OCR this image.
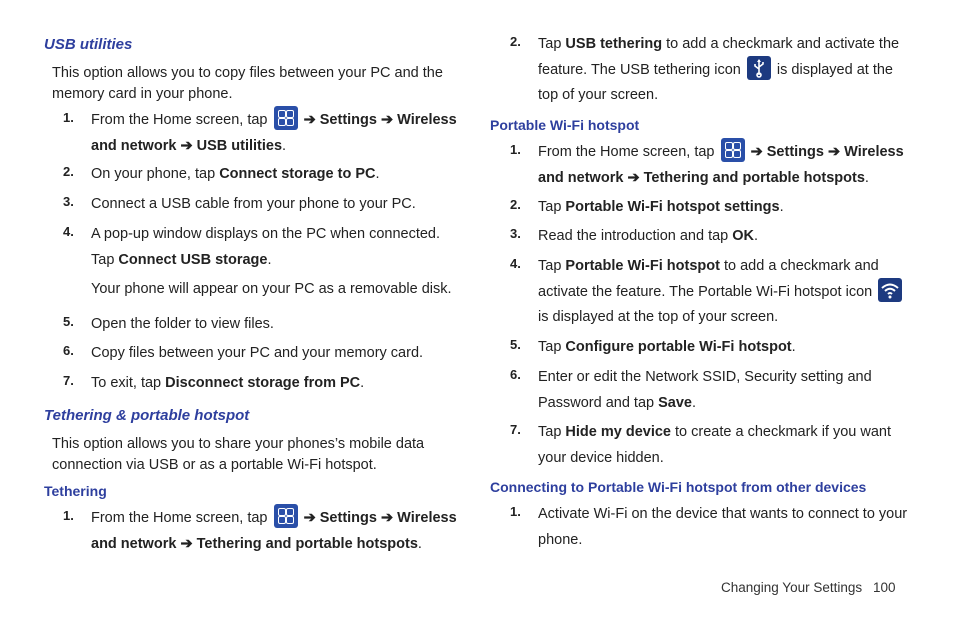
USB utilities
This option allows you to copy files between your PC and the memory card in your phone.
1. From the Home screen, tap ➔ Settings ➔ Wireless and network ➔ USB utilities.
2. On your phone, tap Connect storage to PC.
3. Connect a USB cable from your phone to your PC.
4. A pop-up window displays on the PC when connected. Tap Connect USB storage.
Your phone will appear on your PC as a removable disk.
5. Open the folder to view files.
6. Copy files between your PC and your memory card.
7. To exit, tap Disconnect storage from PC.
Tethering & portable hotspot
This option allows you to share your phones’s mobile data connection via USB or as a portable Wi-Fi hotspot.
Tethering
1. From the Home screen, tap ➔ Settings ➔ Wireless and network ➔ Tethering and portable hotspots.
2. Tap USB tethering to add a checkmark and activate the feature. The USB tethering icon is displayed at the top of your screen.
Portable Wi-Fi hotspot
1. From the Home screen, tap ➔ Settings ➔ Wireless and network ➔ Tethering and portable hotspots.
2. Tap Portable Wi-Fi hotspot settings.
3. Read the introduction and tap OK.
4. Tap Portable Wi-Fi hotspot to add a checkmark and activate the feature. The Portable Wi-Fi hotspot icon  is displayed at the top of your screen.
5. Tap Configure portable Wi-Fi hotspot.
6. Enter or edit the Network SSID, Security setting and Password and tap Save.
7. Tap Hide my device to create a checkmark if you want your device hidden.
Connecting to Portable Wi-Fi hotspot from other devices
1. Activate Wi-Fi on the device that wants to connect to your phone.
Changing Your Settings 100
